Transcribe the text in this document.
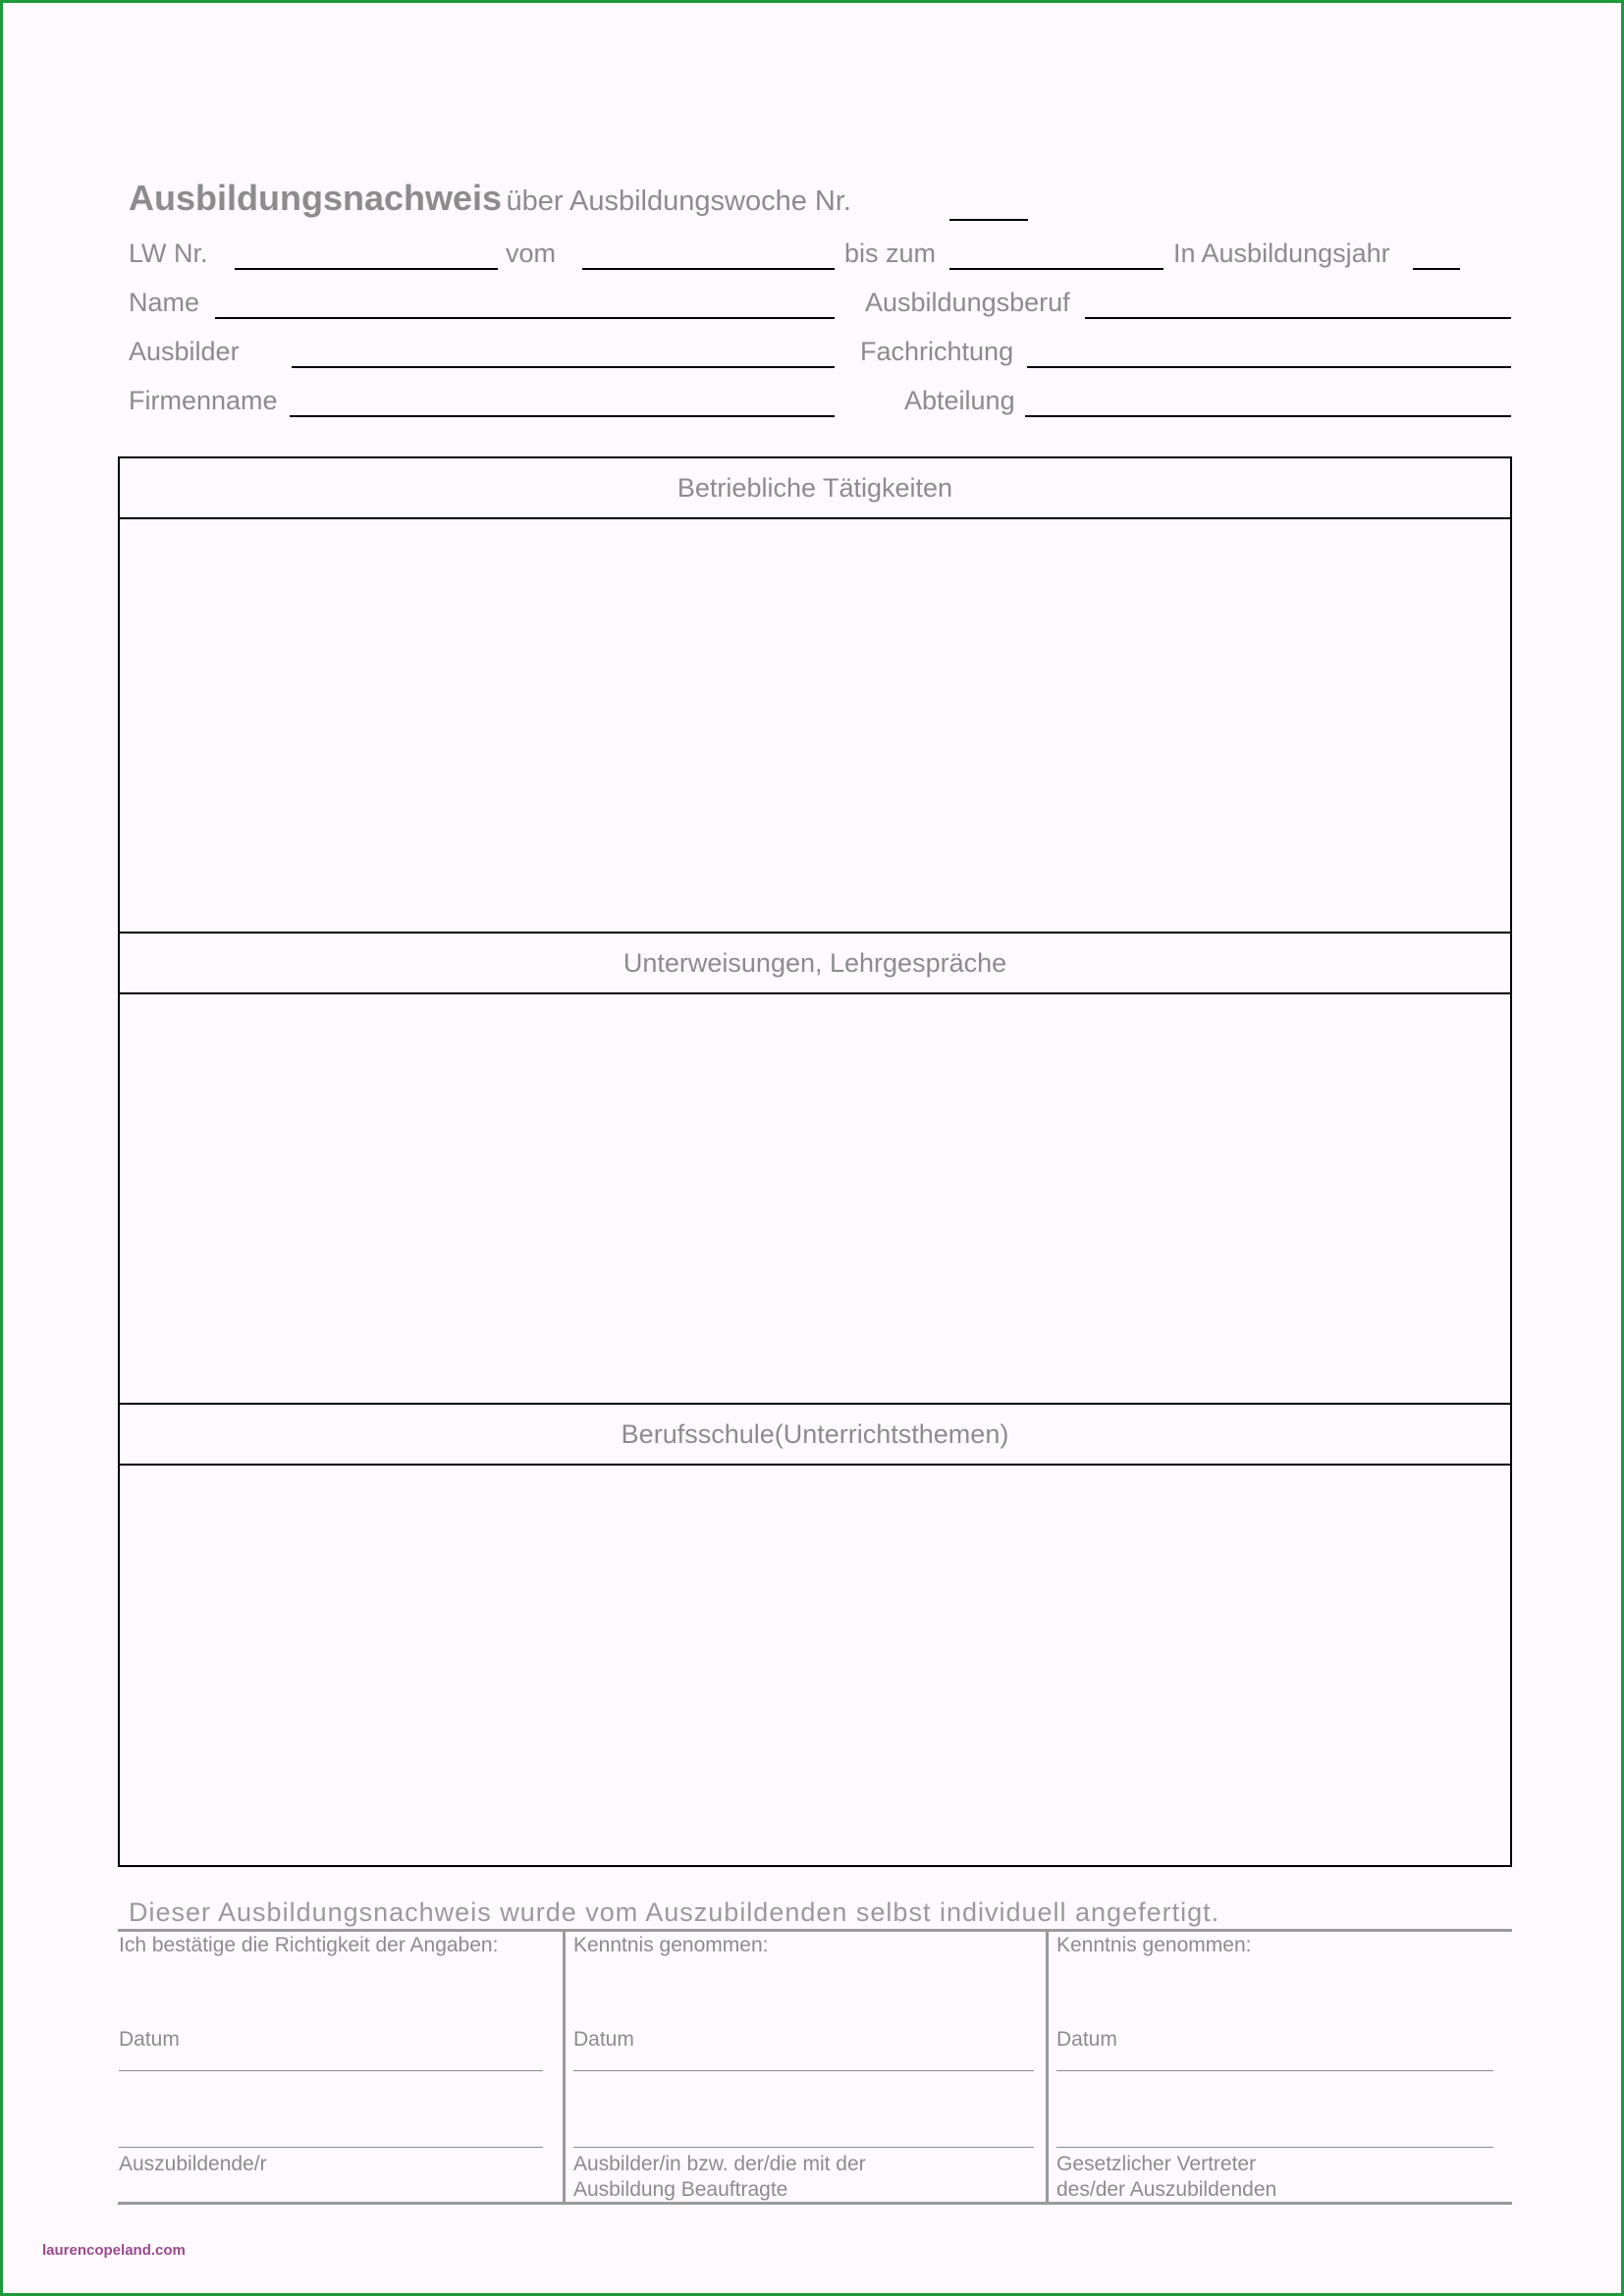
Ausbildungsnachweis über Ausbildungswoche Nr.
LW Nr.	vom	bis zum	In Ausbildungsjahr
Name	Ausbildungsberuf
Ausbilder	Fachrichtung
Firmenname	Abteilung
Betriebliche Tätigkeiten
Unterweisungen, Lehrgespräche
Berufsschule(Unterrichtsthemen)
Dieser Ausbildungsnachweis wurde vom Auszubildenden selbst individuell angefertigt.
Ich bestätige die Richtigkeit der Angaben:
Datum
Auszubildende/r
Kenntnis genommen:
Datum
Ausbilder/in bzw. der/die mit der
Ausbildung Beauftragte
Kenntnis genommen:
Datum
Gesetzlicher Vertreter
des/der Auszubildenden
laurencopeland.com
